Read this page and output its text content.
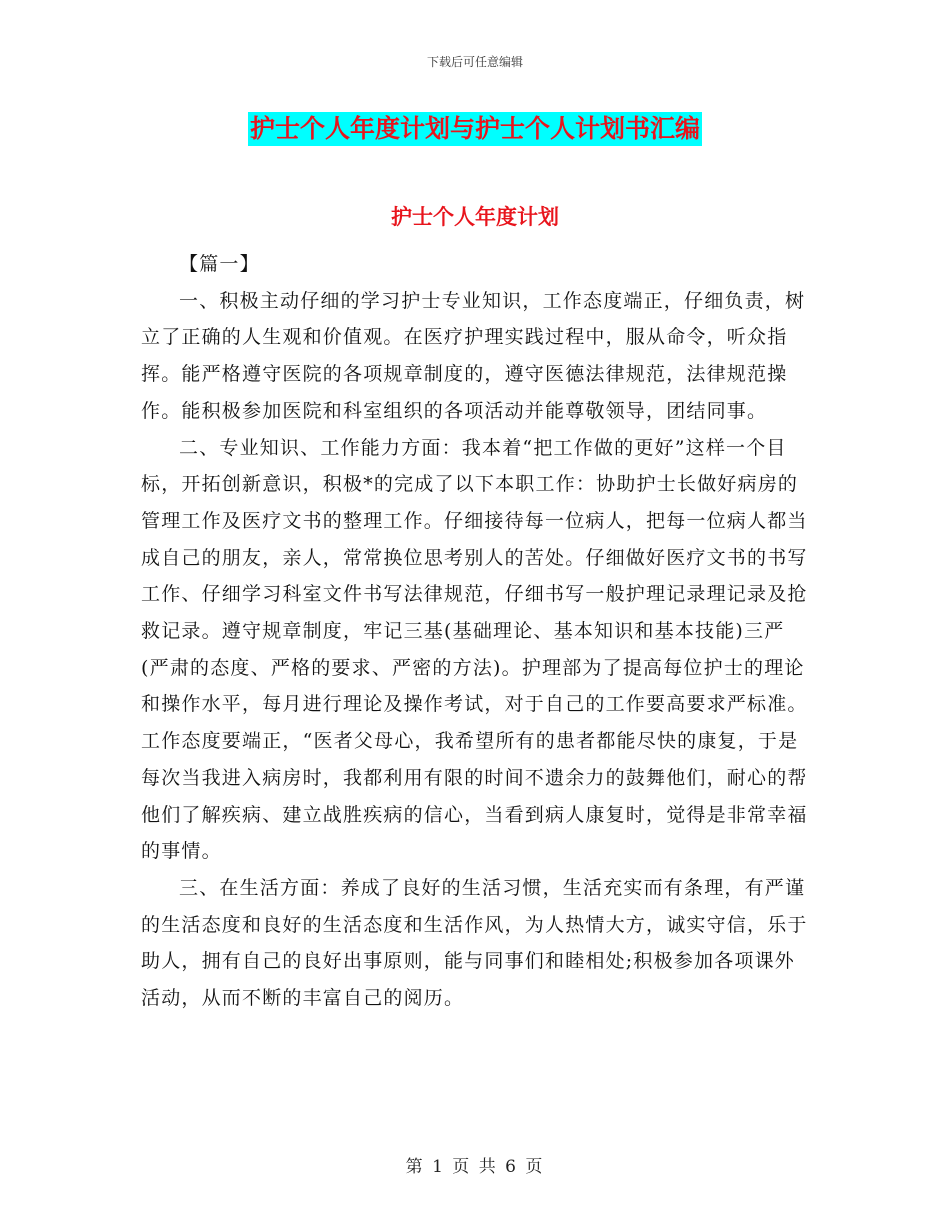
下载后可任意编辑
护士个人年度计划与护士个人计划书汇编
护士个人年度计划

【篇一】

一、积极主动仔细的学习护士专业知识，工作态度端正，仔细负责，树立了正确的人生观和价值观。在医疗护理实践过程中，服从命令，听众指挥。能严格遵守医院的各项规章制度的，遵守医德法律规范，法律规范操作。能积极参加医院和科室组织的各项活动并能尊敬领导，团结同事。

二、专业知识、工作能力方面：我本着“把工作做的更好”这样一个目标，开拓创新意识，积极*的完成了以下本职工作：协助护士长做好病房的管理工作及医疗文书的整理工作。仔细接待每一位病人，把每一位病人都当成自己的朋友，亲人，常常换位思考别人的苦处。仔细做好医疗文书的书写工作、仔细学习科室文件书写法律规范，仔细书写一般护理记录理记录及抢救记录。遵守规章制度，牢记三基(基础理论、基本知识和基本技能)三严(严肃的态度、严格的要求、严密的方法)。护理部为了提高每位护士的理论和操作水平，每月进行理论及操作考试，对于自己的工作要高要求严标准。工作态度要端正，“医者父母心，我希望所有的患者都能尽快的康复，于是每次当我进入病房时，我都利用有限的时间不遗余力的鼓舞他们，耐心的帮他们了解疾病、建立战胜疾病的信心，当看到病人康复时，觉得是非常幸福的事情。

三、在生活方面：养成了良好的生活习惯，生活充实而有条理，有严谨的生活态度和良好的生活态度和生活作风，为人热情大方，诚实守信，乐于助人，拥有自己的良好出事原则，能与同事们和睦相处;积极参加各项课外活动，从而不断的丰富自己的阅历。

第 1 页 共 6 页
